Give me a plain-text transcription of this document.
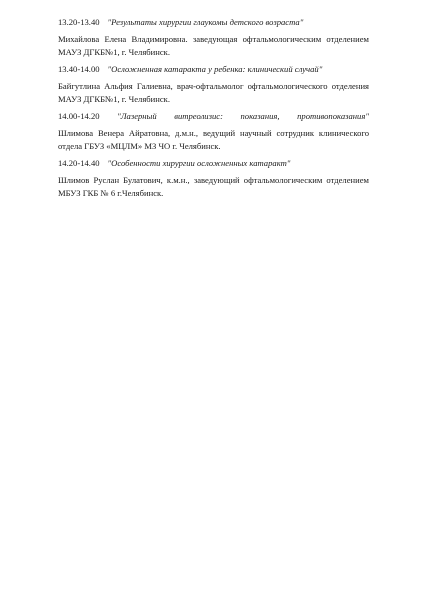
13.20-13.40 "Результаты хирургии глаукомы детского возраста"
Михайлова Елена Владимировна. заведующая офтальмологическим отделением
МАУЗ ДГКБ№1, г. Челябинск.
13.40-14.00 "Осложненная катаракта у ребенка: клинический случай"
Байгутлина Альфия Галиевна, врач-офтальмолог офтальмологического отделения
МАУЗ ДГКБ№1, г. Челябинск.
14.00-14.20 "Лазерный витреолизис: показания, противопоказания"
Шлимова Венера Айратовна, д.м.н., ведущий научный сотрудник клинического
отдела ГБУЗ «МЦЛМ» МЗ ЧО г. Челябинск.
14.20-14.40 "Особенности хирургии осложненных катаракт"
Шлимов Руслан Булатович, к.м.н., заведующий офтальмологическим отделением
МБУЗ ГКБ № 6 г.Челябинск.
